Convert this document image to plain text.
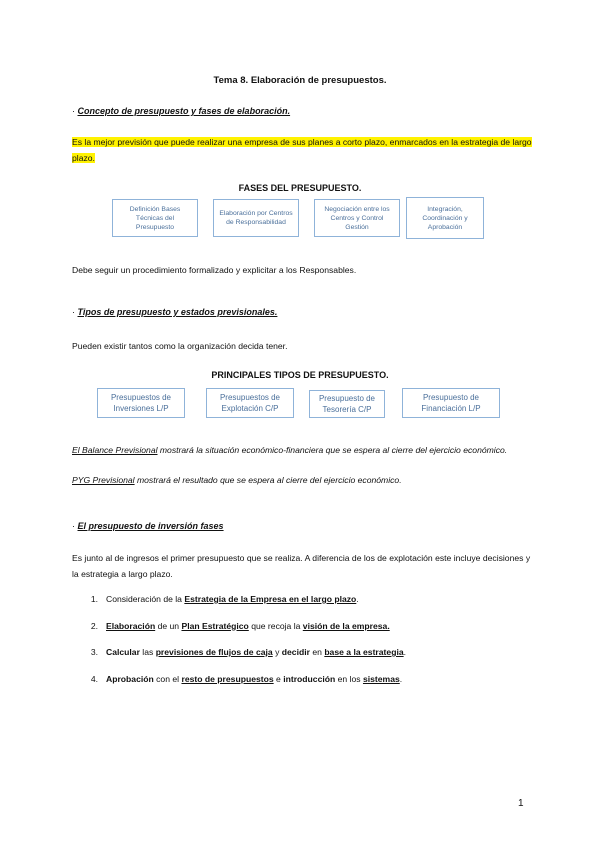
Tema 8. Elaboración de presupuestos.
· Concepto de presupuesto y fases de elaboración.
Es la mejor previsión que puede realizar una empresa de sus planes a corto plazo, enmarcados en la estrategia de largo plazo.
FASES DEL PRESUPUESTO.
Definición Bases Técnicas del Presupuesto
Elaboración por Centros de Responsabilidad
Negociación entre los Centros y Control Gestión
Integración, Coordinación y Aprobación
Debe seguir un procedimiento formalizado y explicitar a los Responsables.
· Tipos de presupuesto y estados previsionales.
Pueden existir tantos como la organización decida tener.
PRINCIPALES TIPOS DE PRESUPUESTO.
Presupuestos de Inversiones L/P
Presupuestos de Explotación C/P
Presupuesto de Tesorería C/P
Presupuesto de Financiación L/P
El Balance Previsional mostrará la situación económico-financiera que se espera al cierre del ejercicio económico.
PYG Previsional mostrará el resultado que se espera al cierre del ejercicio económico.
· El presupuesto de inversión fases
Es junto al de ingresos el primer presupuesto que se realiza. A diferencia de los de explotación este incluye decisiones y la estrategia a largo plazo.
1. Consideración de la Estrategia de la Empresa en el largo plazo.
2. Elaboración de un Plan Estratégico que recoja la visión de la empresa.
3. Calcular las previsiones de flujos de caja y decidir en base a la estrategia.
4. Aprobación con el resto de presupuestos e introducción en los sistemas.
1
